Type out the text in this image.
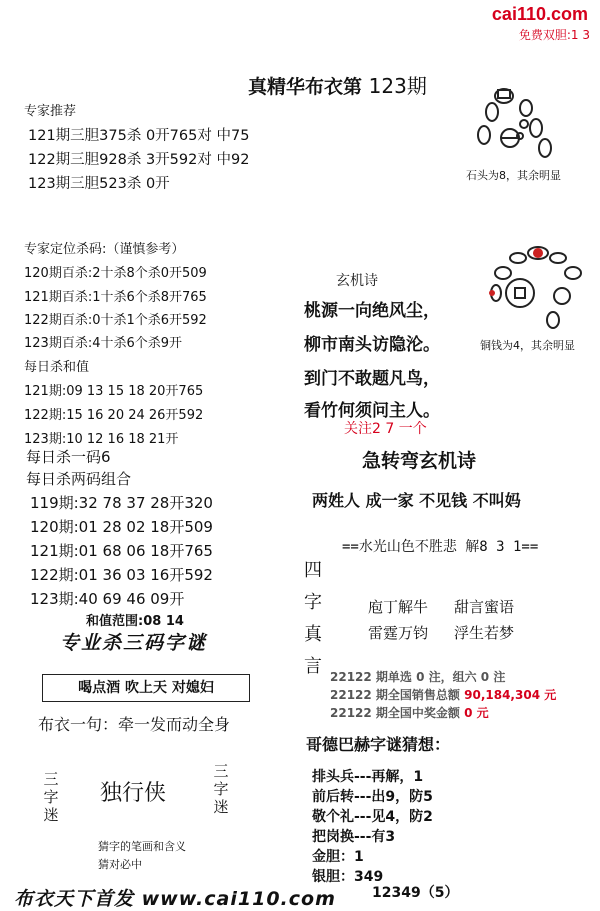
cai110.com
免费双胆:1 3
真精华布衣第 123期
专家推荐
121期三胆375杀 0开765对 中75
122期三胆928杀 3开592对 中92
123期三胆523杀 0开
石头为8，其余明显
专家定位杀码:（谨慎参考）
120期百杀:2十杀8个杀0开509
121期百杀:1十杀6个杀8开765
122期百杀:0十杀1个杀6开592
123期百杀:4十杀6个杀9开	铜钱为4，其余明显
每日杀和值
121期:09 13 15 18 20开765
122期:15 16 20 24 26开592
123期:10 12 16 18 21开
每日杀一码6
每日杀两码组合
119期:32 78 37 28开320
120期:01 28 02 18开509
121期:01 68 06 18开765
122期:01 36 03 16开592
123期:40 69 46 09开
和值范围:08 14
专业杀三码字谜
喝点酒 吹上天 对媳妇
布衣一句：牵一发而动全身
三
字
迷
独行侠
三
字
迷
猜字的笔画和含义
猜对必中
玄机诗
桃源一向绝风尘，
柳市南头访隐沦。
到门不敢题凡鸟，
看竹何须问主人。
关注2 7 一个
急转弯玄机诗
两姓人 成一家 不见钱 不叫妈
==水光山色不胜悲 解8 3 1==
四
字
真
言
庖丁解牛 甜言蜜语
雷霆万钧 浮生若梦
22122 期单选 0 注，组六 0 注
22122 期全国销售总额 90,184,304 元
22122 期全国中奖金额 0 元
哥德巴赫字谜猜想：
排头兵---再解，1
前后转---出9，防5
敬个礼---见4，防2
把岗换---有3
金胆：1
银胆：349
12349（5）
布衣天下首发 www.cai110.com
